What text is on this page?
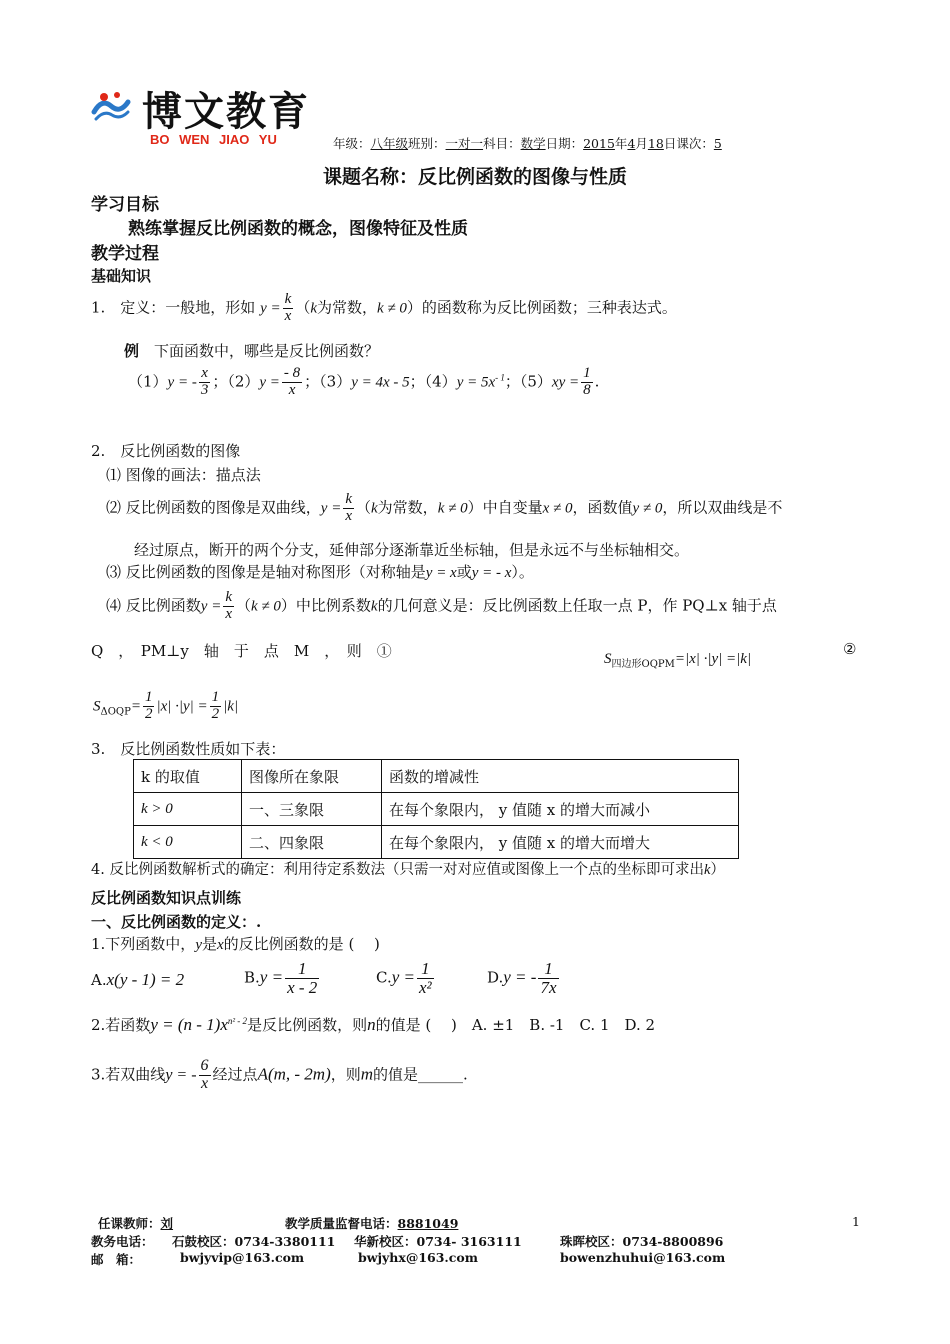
博文教育
BO WEN JIAO YU	年级：八年级班别：一对一科目：数学日期：2015年4月18日课次：5
课题名称：反比例函数的图像与性质
学习目标
熟练掌握反比例函数的概念，图像特征及性质
教学过程
基础知识
1.　定义：一般地，形如 $y = \frac{k}{x} (k$为常数，k ≠ 0）的函数称为反比例函数；三种表达式。
例　 下面函数中，哪些是反比例函数？
（1）y = - $\frac{x}{3}$ ；$(2)y = \frac{- 8}{x}$ ；（3）y = 4x - 5；$(4)y = 5x^{- 1}$；$(5)xy = \frac{1}{8}$ .
2.　反比例函数的图像
⑴ 图像的画法：描点法
⑵ 反比例函数的图像是双曲线，$y = \frac{k}{x} (k$为常数，k ≠ 0）中自变量x ≠ 0，函数值y ≠ 0，所以双曲线是不
经过原点，断开的两个分支，延伸部分逐渐靠近坐标轴，但是永远不与坐标轴相交。
⑶ 反比例函数的图像是是轴对称图形（对称轴是y = x或y = - x）。
⑷ 反比例函数$y = \frac{k}{x} (k \ne 0)$中比例系数k的几何意义是：反比例函数上任取一点 P，作 PQ⊥x 轴于点
Q　，　PM⊥y　轴　于　点　M　，　则　①	$S_{四边形OQPM}=|x| \cdot|y| =|k|$
②
$S_{\Delta OQP}= \frac{1}{2} |x| \cdot|y| = \frac{1}{2} |k|$
3.　反比例函数性质如下表：
k 的取值	图像所在象限	函数的增减性
k > 0	一、三象限	在每个象限内， y 值随 x 的增大而减小
k < 0	二、四象限	在每个象限内， y 值随 x 的增大而增大
4. 反比例函数解析式的确定：利用待定系数法（只需一对对应值或图像上一个点的坐标即可求出k）
反比例函数知识点训练
一、反比例函数的定义：.
1.下列函数中，y是x的反比例函数的是 (　 )
A.x(y - 1) = 2	$B.y = \frac{1}{x - 2}$	$C.y = \frac{1}{\text{x²}}$	D.y = - $\frac{1}{7x}$
2.若函数$y = (n - 1)x^{n^2 - 2}$是反比例函数，则n的值是 (　 )　A. ±1　B. -1　C. 1　D. 2
3.若双曲线y = - $\frac{6}{x}$ 经过点A(m, - 2m)，则m的值是______.
任课教师：刘	教学质量监督电话：8881049	1
教务电话： 石鼓校区：0734-3380111 华新校区：0734- 3163111	珠晖校区：0734-8800896
邮　箱：	bwjyvip@163.com	bwjyhx@163.com	bowenzhuhui@163.com
